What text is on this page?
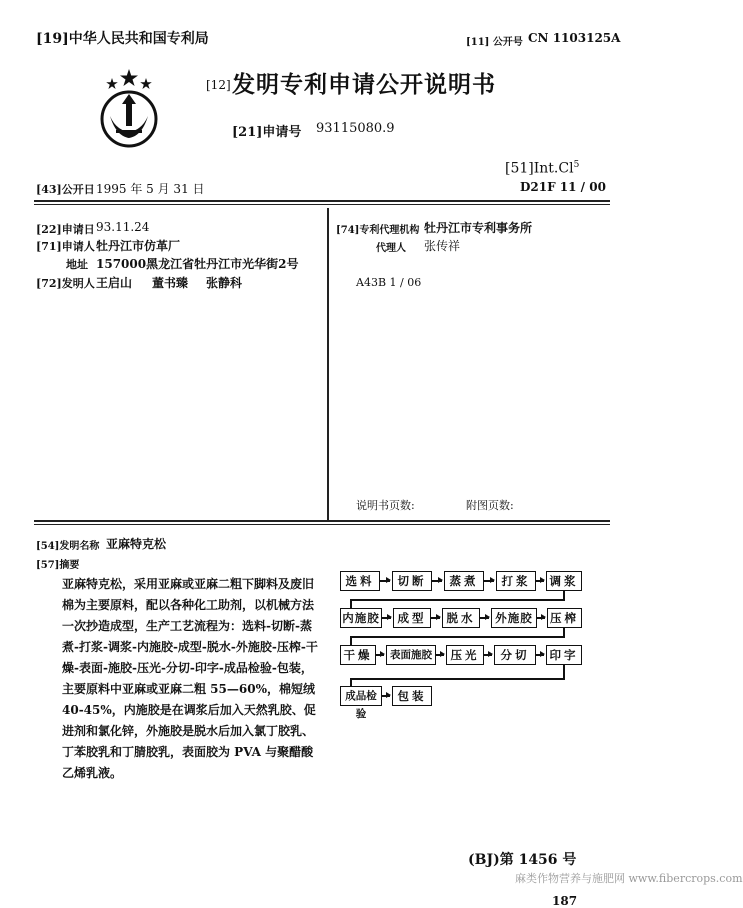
[19]中华人民共和国专利局	[11] 公开号 CN 1103125A
[12] 发明专利申请公开说明书
[21]申请号 93115080.9
[51]Int.Cl$^5$
D21F 11 / 00
[43]公开日 1995 年 5 月 31 日
[22]申请日 93.11.24
[71]申请人 牡丹江市仿革厂
地址 157000黑龙江省牡丹江市光华街2号
[72]发明人 王启山 董书臻 张静科
[74]专利代理机构 牡丹江市专利事务所
代理人 张传祥
A43B 1 / 06
说明书页数:	附图页数:
[54]发明名称 亚麻特克松
[57]摘要
亚麻特克松，采用亚麻或亚麻二粗下脚料及废旧棉为主要原料，配以各种化工助剂，以机械方法一次抄造成型，生产工艺流程为：选料-切断-蒸煮-打浆-调浆-内施胶-成型-脱水-外施胶-压榨-干燥-表面-施胶-压光-分切-印字-成品检验-包装，主要原料中亚麻或亚麻二粗 55—60%，棉短绒 40-45%，内施胶是在调浆后加入天然乳胶、促进剂和氯化锌，外施胶是脱水后加入氯丁胶乳、丁苯胶乳和丁腈胶乳，表面胶为 PVA 与聚醋酸乙烯乳液。
选料	切断	蒸煮	打浆	调浆
内施胶	成型	脱水	外施胶	压榨
干燥	表面施胶	压光	分切	印字
成品检验
包装
(BJ)第 1456 号
麻类作物营养与施肥网 www.fibercrops.com
187
